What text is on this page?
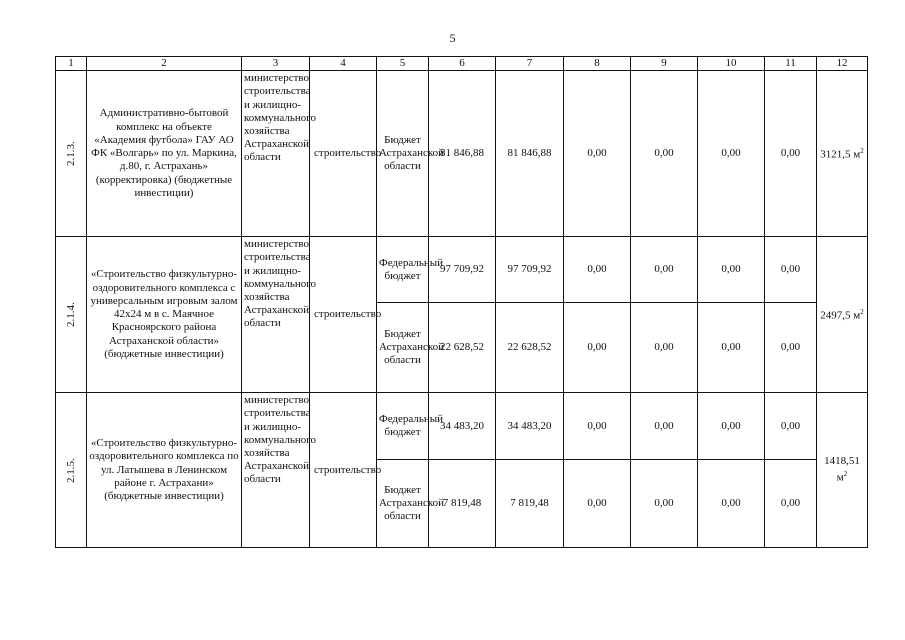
5
1	2	3	4	5	6	7	8	9	10	11	12

2.1.3.	Административно-бытовой комплекс на объекте «Академия футбола» ГАУ АО ФК «Волгарь» по ул. Маркина, д.80, г. Астрахань» (корректировка) (бюджетные инвестиции)	министерство строительства и жилищно-коммунального хозяйства Астраханской области	строительство	Бюджет Астраханской области	81 846,88	81 846,88	0,00	0,00	0,00	0,00	3121,5 $м^2$

2.1.4.	«Строительство физкультурно-оздоровительного комплекса с универсальным игровым залом 42х24 м в с. Маячное Красноярского района Астраханской области» (бюджетные инвестиции)	министерство строительства и жилищно-коммунального хозяйства Астраханской области	строительство	Федеральный бюджет	97 709,92	97 709,92	0,00	0,00	0,00	0,00	2497,5 $м^2$
				Бюджет Астраханской области	22 628,52	22 628,52	0,00	0,00	0,00	0,00	

2.1.5.	«Строительство физкультурно-оздоровительного комплекса по ул. Латышева в Ленинском районе г. Астрахани» (бюджетные инвестиции)	министерство строительства и жилищно-коммунального хозяйства Астраханской области	строительство	Федеральный бюджет	34 483,20	34 483,20	0,00	0,00	0,00	0,00	1418,51 $м^2$
				Бюджет Астраханской области	7 819,48	7 819,48	0,00	0,00	0,00	0,00	
